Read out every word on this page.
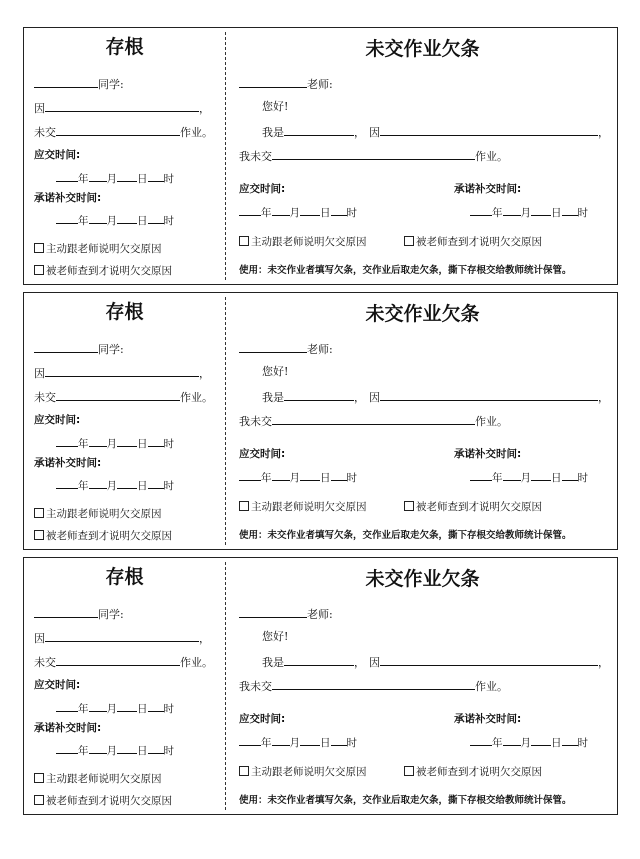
存根
同学:
因	，
未交	作业。
应交时间:
年 月 日 时
承诺补交时间:
年 月 日 时
主动跟老师说明欠交原因
被老师查到才说明欠交原因
未交作业欠条
老师:
您好!
我是	， 因	，
我未交	作业。
应交时间:	承诺补交时间:
年 月 日 时	年 月 日 时
主动跟老师说明欠交原因	被老师查到才说明欠交原因
使用：未交作业者填写欠条，交作业后取走欠条，撕下存根交给教师统计保管。
存根
同学:
因	，
未交	作业。
应交时间:
年 月 日 时
承诺补交时间:
年 月 日 时
主动跟老师说明欠交原因
被老师查到才说明欠交原因
未交作业欠条
老师:
您好!
我是	， 因	，
我未交	作业。
应交时间:	承诺补交时间:
年 月 日 时	年 月 日 时
主动跟老师说明欠交原因	被老师查到才说明欠交原因
使用：未交作业者填写欠条，交作业后取走欠条，撕下存根交给教师统计保管。
存根
同学:
因	，
未交	作业。
应交时间:
年 月 日 时
承诺补交时间:
年 月 日 时
主动跟老师说明欠交原因
被老师查到才说明欠交原因
未交作业欠条
老师:
您好!
我是	， 因	，
我未交	作业。
应交时间:	承诺补交时间:
年 月 日 时	年 月 日 时
主动跟老师说明欠交原因	被老师查到才说明欠交原因
使用：未交作业者填写欠条，交作业后取走欠条，撕下存根交给教师统计保管。
